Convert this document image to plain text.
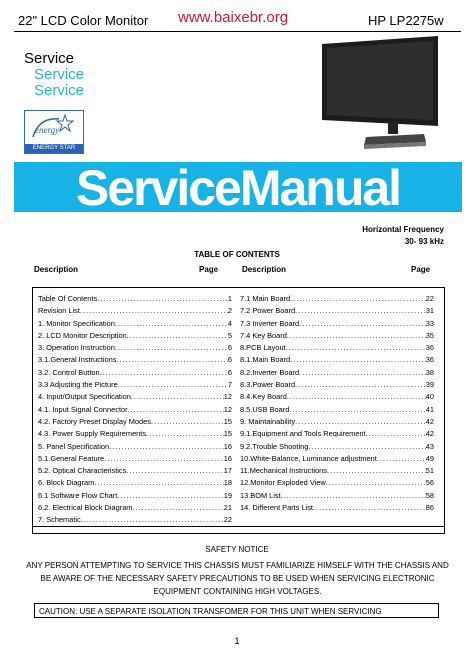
22" LCD Color Monitor www.baixebr.org	HP LP2275w
Service
Service
Service
energy
ENERGY STAR
ServiceManual
Horizontal Frequency
30- 93 kHz
TABLE OF CONTENTS
Description	Page	Description	Page
Table Of Contents .....	1
Revision List .....	2
1. Monitor Specification .....	4
2. LCD Monitor Description .....	5
3. Operation Instruction .....	6
3.1.General Instructions .....	6
3.2. Control Button .....	6
3.3 Adjusting the Picture .....	7
4. Input/Output Specification .....	12
4.1. Input Signal Connector .....	12
4.2. Factory Preset Display Modes .....	15
4.3. Power Supply Requirements .....	15
5. Panel Specification .....	16
5.1.General Feature .....	16
5.2. Optical Characteristics .....	17
6. Block Diagram .....	18
6.1 Software Flow Chart .....	19
6.2. Electrical Block Diagram .....	21
7. Schematic .....	22
7.1 Main Board .....	22
7.2 Power Board .....	31
7.3 Inverter Board .....	33
7.4 Key Board .....	35
8.PCB Layout .....	36
8.1.Main Board .....	36
8.2.Inverter Board .....	38
8.3.Power Board .....	39
8.4.Key Board .....	40
8.5.USB Board .....	41
9. Maintainability .....	42
9.1.Equipment and Tools Requirement .....	42
9.2.Trouble Shooting .....	43
10.White-Balance, Luminance adjustment .....	49
11.Mechanical Instructions .....	51
12.Monitor Exploded View .....	56
13.BOM List .....	58
14. Different Parts List .....	86
SAFETY NOTICE
ANY PERSON ATTEMPTING TO SERVICE THIS CHASSIS MUST FAMILIARIZE HIMSELF WITH THE CHASSIS AND BE AWARE OF THE NECESSARY SAFETY PRECAUTIONS TO BE USED WHEN SERVICING ELECTRONIC EQUIPMENT CONTAINING HIGH VOLTAGES.
CAUTION: USE A SEPARATE ISOLATION TRANSFOMER FOR THIS UNIT WHEN SERVICING
1
